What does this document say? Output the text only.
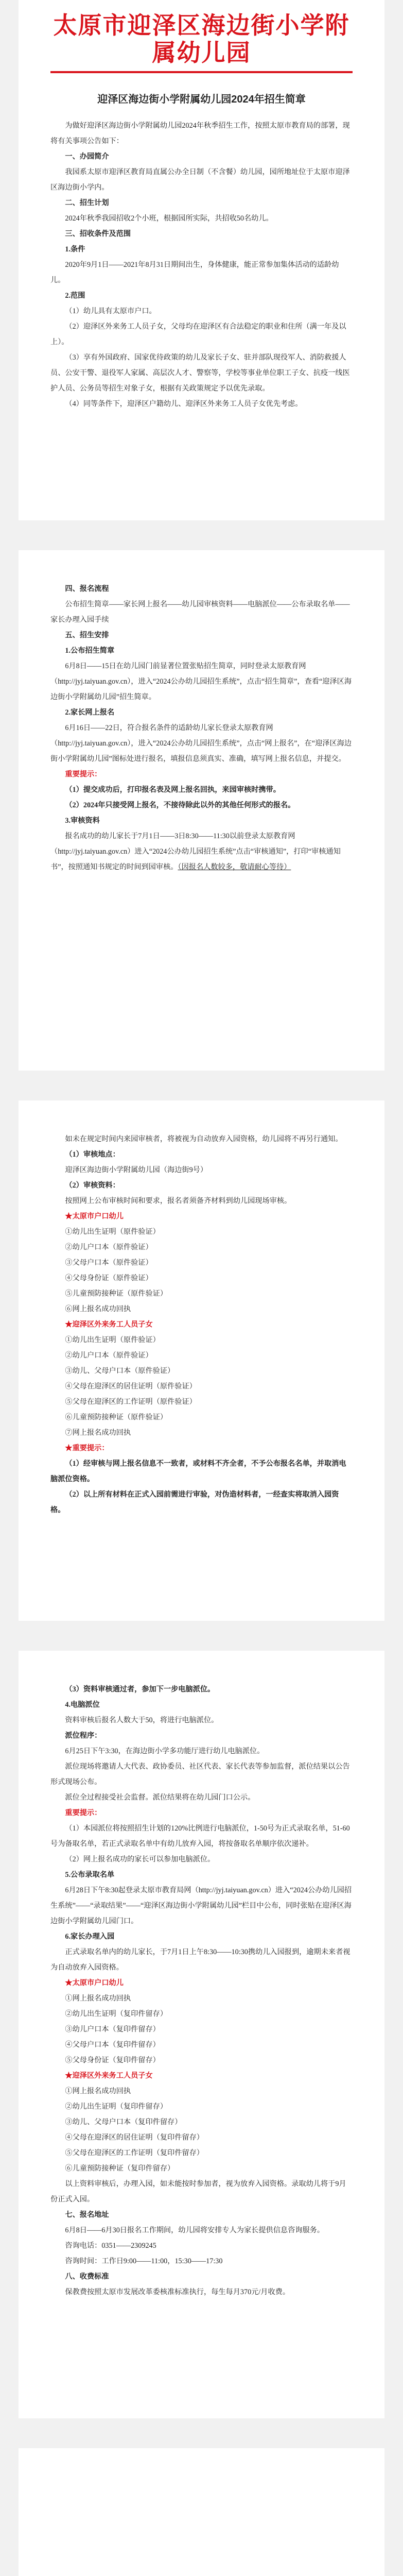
太原市迎泽区海边街小学附属幼儿园
迎泽区海边街小学附属幼儿园2024年招生简章

为做好迎泽区海边街小学附属幼儿园2024年秋季招生工作，按照太原市教育局的部署，现将有关事项公告如下：

一、办园简介

我园系太原市迎泽区教育局直属公办全日制（不含餐）幼儿园，园所地址位于太原市迎泽区海边街小学内。

二、招生计划

2024年秋季我园招收2个小班，根据园所实际，共招收50名幼儿。

三、招收条件及范围

1.条件

2020年9月1日——2021年8月31日期间出生，身体健康，能正常参加集体活动的适龄幼儿。

2.范围

（1）幼儿具有太原市户口。

（2）迎泽区外来务工人员子女，父母均在迎泽区有合法稳定的职业和住所（满一年及以上）。

（3）享有外国政府、国家优待政策的幼儿及家长子女、驻并部队现役军人、消防救援人员、公安干警、退役军人家属、高层次人才、警察等，学校等事业单位职工子女、抗疫一线医护人员、公务员等招生对象子女，根据有关政策规定予以优先录取。

（4）同等条件下，迎泽区户籍幼儿、迎泽区外来务工人员子女优先考虑。

四、报名流程

公布招生简章——家长网上报名——幼儿园审核资料——电脑派位——公布录取名单——家长办理入园手续

五、招生安排

1.公布招生简章

6月8日——15日在幼儿园门前显著位置张贴招生简章，同时登录太原教育网（http://jyj.taiyuan.gov.cn），进入“2024公办幼儿园招生系统”，点击“招生简章”，查看“迎泽区海边街小学附属幼儿园”招生简章。

2.家长网上报名

6月16日——22日，符合报名条件的适龄幼儿家长登录太原教育网（http://jyj.taiyuan.gov.cn），进入“2024公办幼儿园招生系统”，点击“网上报名”，在“迎泽区海边街小学附属幼儿园”图标处进行报名，填报信息须真实、准确，填写网上报名信息，并提交。

重要提示：

（1）提交成功后，打印报名表及网上报名回执，来园审核时携带。

（2）2024年只接受网上报名，不接待除此以外的其他任何形式的报名。

3.审核资料

报名成功的幼儿家长于7月1日——3日8:30——11:30以前登录太原教育网（http://jyj.taiyuan.gov.cn）进入“2024公办幼儿园招生系统”点击“审核通知”，打印“审核通知书”，按照通知书规定的时间到园审核。（因报名人数较多，敬请耐心等待）

如未在规定时间内来园审核者，将被视为自动放弃入园资格，幼儿园将不再另行通知。

（1）审核地点：

迎泽区海边街小学附属幼儿园（海边街9号）

（2）审核资料：

按照网上公布审核时间和要求，报名者须备齐材料到幼儿园现场审核。

★太原市户口幼儿

①幼儿出生证明（原件验证）

②幼儿户口本（原件验证）

③父母户口本（原件验证）

④父母身份证（原件验证）

⑤儿童预防接种证（原件验证）

⑥网上报名成功回执

★迎泽区外来务工人员子女

①幼儿出生证明（原件验证）

②幼儿户口本（原件验证）

③幼儿、父母户口本（原件验证）

④父母在迎泽区的居住证明（原件验证）

⑤父母在迎泽区的工作证明（原件验证）

⑥儿童预防接种证（原件验证）

⑦网上报名成功回执

★重要提示：

（1）经审核与网上报名信息不一致者，或材料不齐全者，不予公布报名名单，并取消电脑派位资格。

（2）以上所有材料在正式入园前需进行审验，对伪造材料者，一经查实将取消入园资格。

（3）资料审核通过者，参加下一步电脑派位。

4.电脑派位

资料审核后报名人数大于50，将进行电脑派位。

派位程序：

6月25日下午3:30，在海边街小学多功能厅进行幼儿电脑派位。

派位现场将邀请人大代表、政协委员、社区代表、家长代表等参加监督，派位结果以公告形式现场公布。

派位全过程接受社会监督。派位结果将在幼儿园门口公示。

重要提示：

（1）本园派位将按照招生计划的120%比例进行电脑派位，1-50号为正式录取名单，51-60号为备取名单，若正式录取名单中有幼儿放弃入园，将按备取名单顺序依次递补。

（2）网上报名成功的家长可以参加电脑派位。

5.公布录取名单

6月28日下午8:30起登录太原市教育局网（http://jyj.taiyuan.gov.cn）进入“2024公办幼儿园招生系统”——“录取结果”——“迎泽区海边街小学附属幼儿园”栏目中公布，同时张贴在迎泽区海边街小学附属幼儿园门口。

6.家长办理入园

正式录取名单内的幼儿家长，于7月1日上午8:30——10:30携幼儿入园报到，逾期未来者视为自动放弃入园资格。

★太原市户口幼儿

①网上报名成功回执

②幼儿出生证明（复印件留存）

③幼儿户口本（复印件留存）

④父母户口本（复印件留存）

⑤父母身份证（复印件留存）

★迎泽区外来务工人员子女

①网上报名成功回执

②幼儿出生证明（复印件留存）

③幼儿、父母户口本（复印件留存）

④父母在迎泽区的居住证明（复印件留存）

⑤父母在迎泽区的工作证明（复印件留存）

⑥儿童预防接种证（复印件留存）

以上资料审核后，办理入园，如未能按时参加者，视为放弃入园资格。录取幼儿将于9月份正式入园。

七、报名地址

6月8日——6月30日报名工作期间，幼儿园将安排专人为家长提供信息咨询服务。

咨询电话：0351——2309245

咨询时间：工作日9:00——11:00，15:30——17:30

八、收费标准

保教费按照太原市发展改革委核准标准执行，每生每月370元/月收费。
